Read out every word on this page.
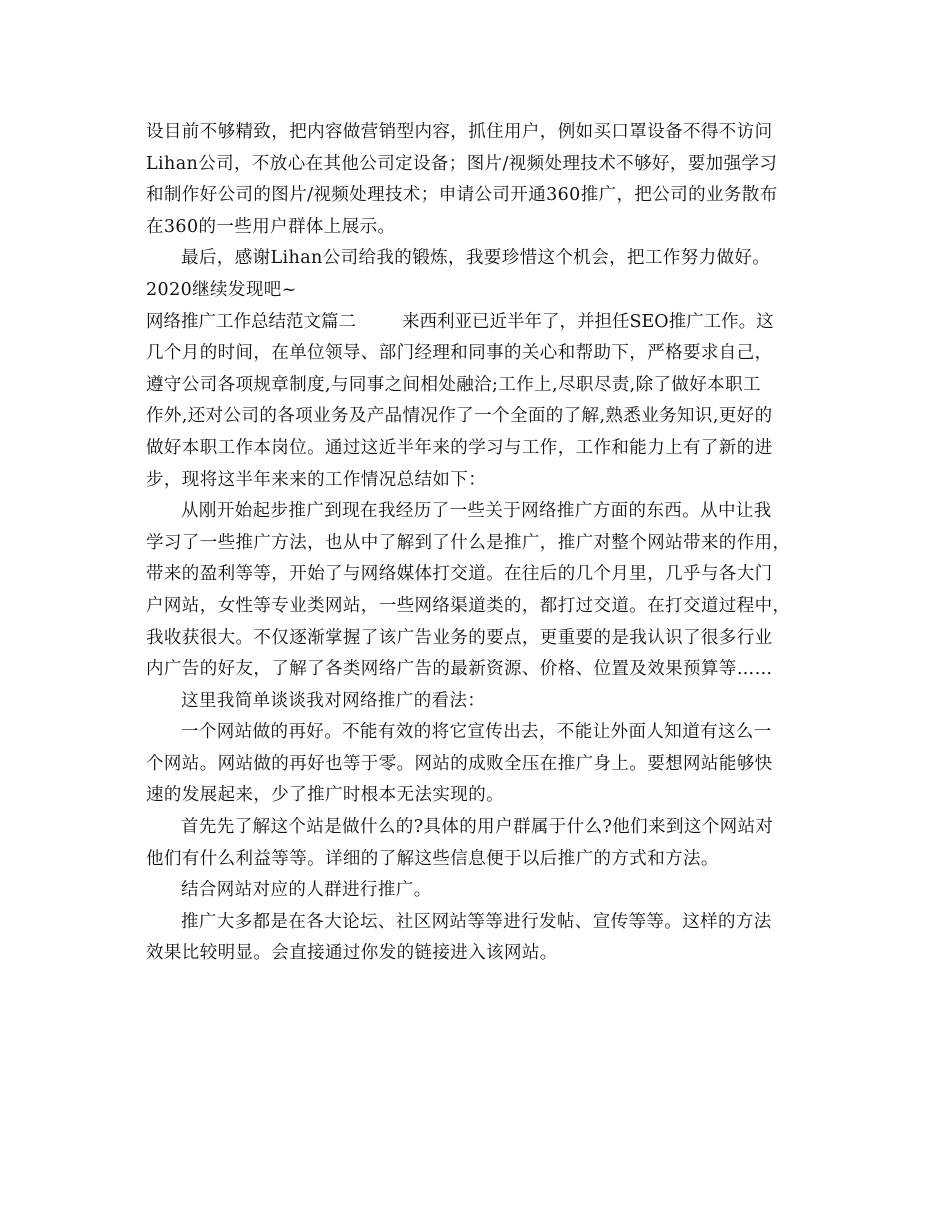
设目前不够精致，把内容做营销型内容，抓住用户，例如买口罩设备不得不访问
Lihan公司，不放心在其他公司定设备；图片/视频处理技术不够好，要加强学习
和制作好公司的图片/视频处理技术；申请公司开通360推广，把公司的业务散布
在360的一些用户群体上展示。
最后，感谢Lihan公司给我的锻炼，我要珍惜这个机会，把工作努力做好。
2020继续发现吧~
网络推广工作总结范文篇二	来西利亚已近半年了，并担任SEO推广工作。这
几个月的时间，在单位领导、部门经理和同事的关心和帮助下，严格要求自己，
遵守公司各项规章制度,与同事之间相处融洽;工作上,尽职尽责,除了做好本职工
作外,还对公司的各项业务及产品情况作了一个全面的了解,熟悉业务知识,更好的
做好本职工作本岗位。通过这近半年来的学习与工作，工作和能力上有了新的进
步，现将这半年来来的工作情况总结如下：
从刚开始起步推广到现在我经历了一些关于网络推广方面的东西。从中让我
学习了一些推广方法，也从中了解到了什么是推广，推广对整个网站带来的作用，
带来的盈利等等，开始了与网络媒体打交道。在往后的几个月里，几乎与各大门
户网站，女性等专业类网站，一些网络渠道类的，都打过交道。在打交道过程中，
我收获很大。不仅逐渐掌握了该广告业务的要点，更重要的是我认识了很多行业
内广告的好友，了解了各类网络广告的最新资源、价格、位置及效果预算等……
这里我简单谈谈我对网络推广的看法：
一个网站做的再好。不能有效的将它宣传出去，不能让外面人知道有这么一
个网站。网站做的再好也等于零。网站的成败全压在推广身上。要想网站能够快
速的发展起来，少了推广时根本无法实现的。
首先先了解这个站是做什么的?具体的用户群属于什么?他们来到这个网站对
他们有什么利益等等。详细的了解这些信息便于以后推广的方式和方法。
结合网站对应的人群进行推广。
推广大多都是在各大论坛、社区网站等等进行发帖、宣传等等。这样的方法
效果比较明显。会直接通过你发的链接进入该网站。
